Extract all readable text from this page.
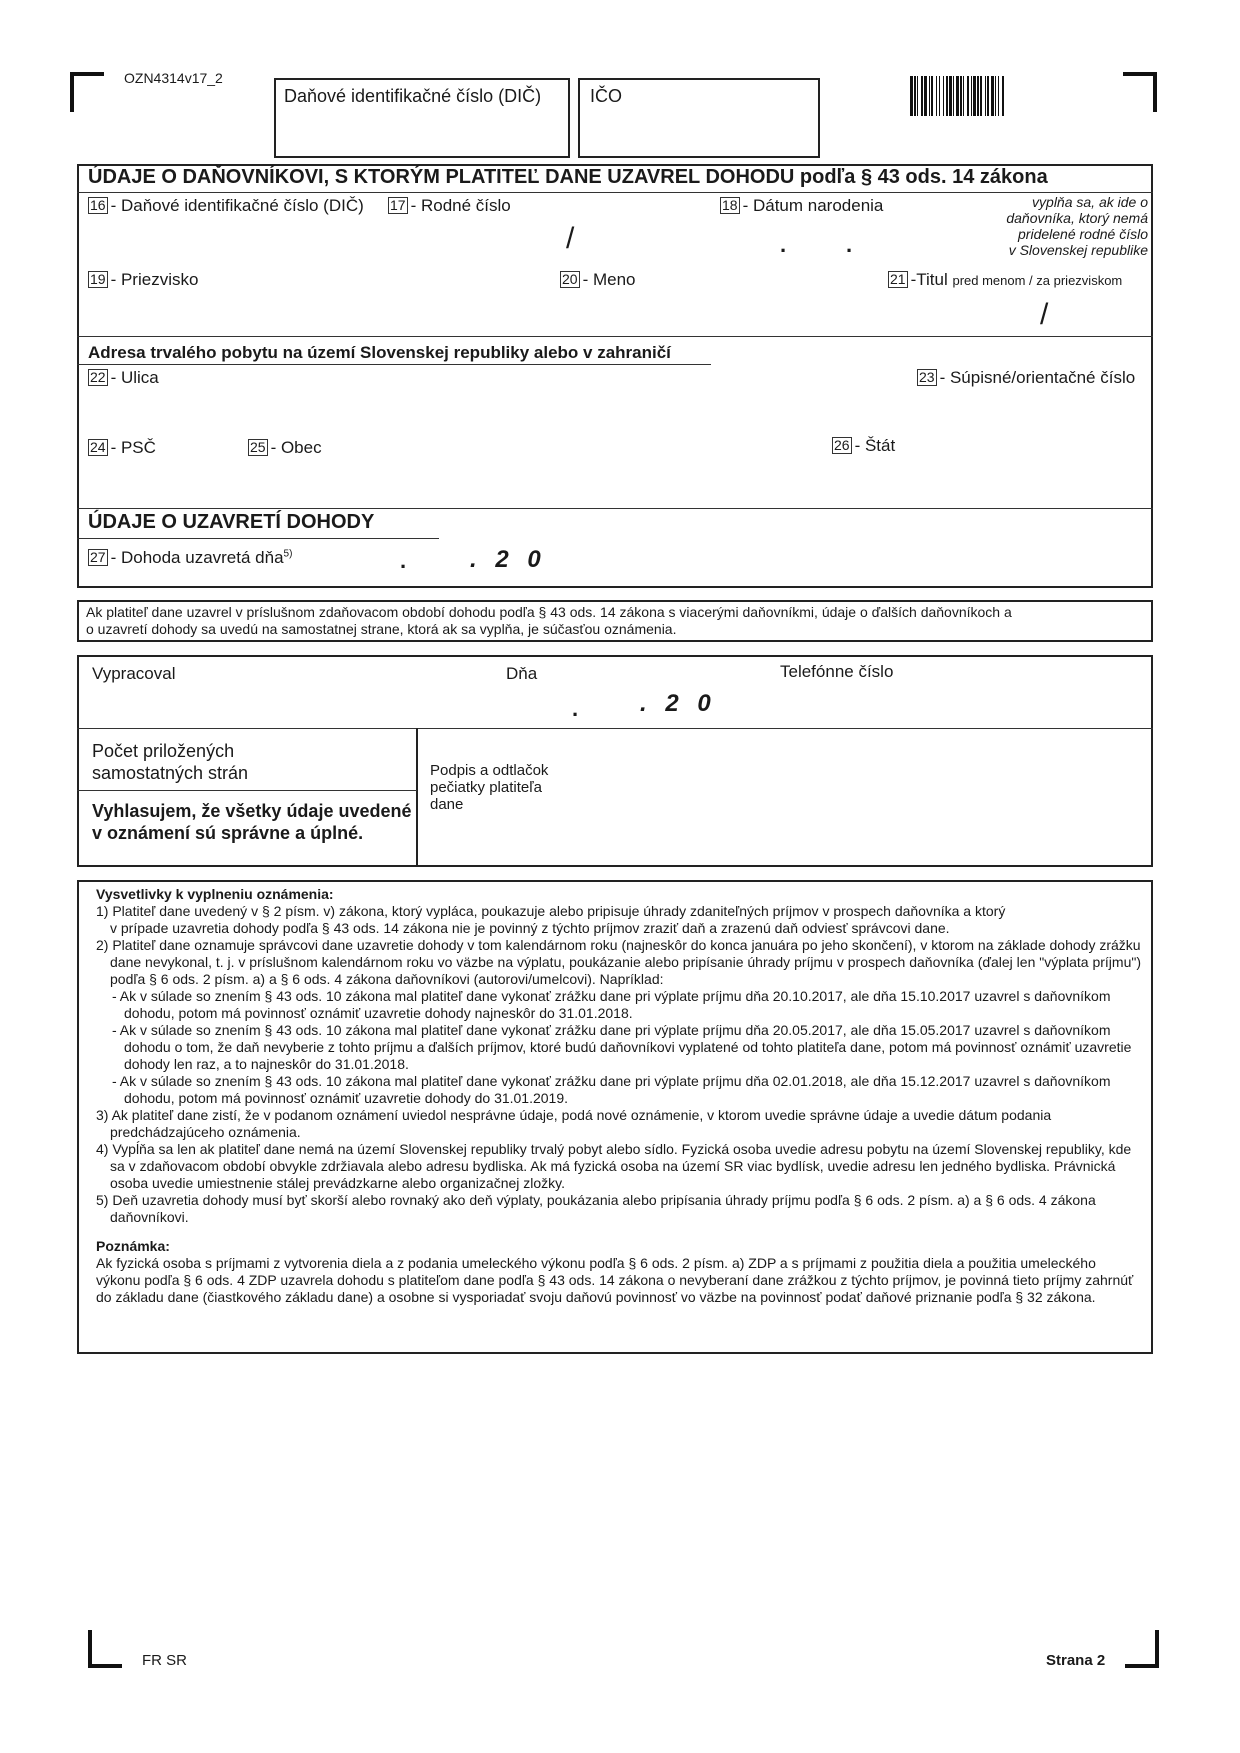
OZN4314v17_2
Daňové identifikačné číslo (DIČ)	IČO
ÚDAJE O DAŇOVNÍKOVI, S KTORÝM PLATITEĽ DANE UZAVREL DOHODU podľa § 43 ods. 14 zákona
16 - Daňové identifikačné číslo (DIČ) 17 - Rodné číslo	18 - Dátum narodenia	vyplňa sa, ak ide o
daňovníka, ktorý nemá
pridelené rodné číslo
v Slovenskej republike
/	.	.
19 - Priezvisko	20 - Meno	21 -Titul pred menom / za priezviskom
/
Adresa trvalého pobytu na území Slovenskej republiky alebo v zahraničí
22 - Ulica	23 - Súpisné/orientačné číslo
24 - PSČ	25 - Obec	26 - Štát
ÚDAJE O UZAVRETÍ DOHODY
27 - Dohoda uzavretá dňa$^{5)}$	.	. 2 0
Ak platiteľ dane uzavrel v príslušnom zdaňovacom období dohodu podľa § 43 ods. 14 zákona s viacerými daňovníkmi, údaje o ďalších daňovníkoch a
o uzavretí dohody sa uvedú na samostatnej strane, ktorá ak sa vyplňa, je súčasťou oznámenia.
Vypracoval	Dňa	Telefónne číslo
.	. 2 0
Počet priložených
samostatných strán
Vyhlasujem, že všetky údaje uvedené
v oznámení sú správne a úplné.
Podpis a odtlačok
pečiatky platiteľa
dane

Vysvetlivky k vyplneniu oznámenia:

1) Platiteľ dane uvedený v § 2 písm. v) zákona, ktorý vypláca, poukazuje alebo pripisuje úhrady zdaniteľných príjmov v prospech daňovníka a ktorý

v prípade uzavretia dohody podľa § 43 ods. 14 zákona nie je povinný z týchto príjmov zraziť daň a zrazenú daň odviesť správcovi dane.

2) Platiteľ dane oznamuje správcovi dane uzavretie dohody v tom kalendárnom roku (najneskôr do konca januára po jeho skončení), v ktorom na základe dohody zrážku dane nevykonal, t. j. v príslušnom kalendárnom roku vo väzbe na výplatu, poukázanie alebo pripísanie úhrady príjmu v prospech daňovníka (ďalej len "výplata príjmu") podľa § 6 ods. 2 písm. a) a § 6 ods. 4 zákona daňovníkovi (autorovi/umelcovi). Napríklad:

- Ak v súlade so znením § 43 ods. 10 zákona mal platiteľ dane vykonať zrážku dane pri výplate príjmu dňa 20.10.2017, ale dňa 15.10.2017 uzavrel s daňovníkom dohodu, potom má povinnosť oznámiť uzavretie dohody najneskôr do 31.01.2018.

- Ak v súlade so znením § 43 ods. 10 zákona mal platiteľ dane vykonať zrážku dane pri výplate príjmu dňa 20.05.2017, ale dňa 15.05.2017 uzavrel s daňovníkom dohodu o tom, že daň nevyberie z tohto príjmu a ďalších príjmov, ktoré budú daňovníkovi vyplatené od tohto platiteľa dane, potom má povinnosť oznámiť uzavretie dohody len raz, a to najneskôr do 31.01.2018.

- Ak v súlade so znením § 43 ods. 10 zákona mal platiteľ dane vykonať zrážku dane pri výplate príjmu dňa 02.01.2018, ale dňa 15.12.2017 uzavrel s daňovníkom dohodu, potom má povinnosť oznámiť uzavretie dohody do 31.01.2019.

3) Ak platiteľ dane zistí, že v podanom oznámení uviedol nesprávne údaje, podá nové oznámenie, v ktorom uvedie správne údaje a uvedie dátum podania predchádzajúceho oznámenia.

4) Vypĺňa sa len ak platiteľ dane nemá na území Slovenskej republiky trvalý pobyt alebo sídlo. Fyzická osoba uvedie adresu pobytu na území Slovenskej republiky, kde sa v zdaňovacom období obvykle zdržiavala alebo adresu bydliska. Ak má fyzická osoba na území SR viac bydlísk, uvedie adresu len jedného bydliska. Právnická osoba uvedie umiestnenie stálej prevádzkarne alebo organizačnej zložky.

5) Deň uzavretia dohody musí byť skorší alebo rovnaký ako deň výplaty, poukázania alebo pripísania úhrady príjmu podľa § 6 ods. 2 písm. a) a § 6 ods. 4 zákona daňovníkovi.

Poznámka:

Ak fyzická osoba s príjmami z vytvorenia diela a z podania umeleckého výkonu podľa § 6 ods. 2 písm. a) ZDP a s príjmami z použitia diela a použitia umeleckého výkonu podľa § 6 ods. 4 ZDP uzavrela dohodu s platiteľom dane podľa § 43 ods. 14 zákona o nevyberaní dane zrážkou z týchto príjmov, je povinná tieto príjmy zahrnúť do základu dane (čiastkového základu dane) a osobne si vysporiadať svoju daňovú povinnosť vo väzbe na povinnosť podať daňové priznanie podľa § 32 zákona.

FR SR	Strana 2
